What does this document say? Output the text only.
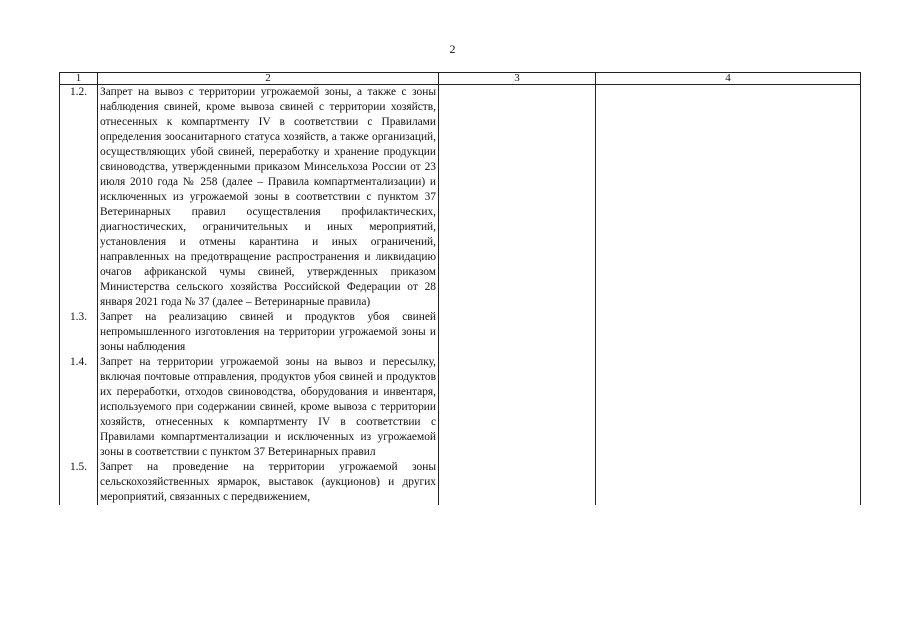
2
1	2	3	4
1.2.	Запрет на вывоз с территории угрожаемой зоны, а также с зоны наблюдения свиней, кроме вывоза свиней с территории хозяйств, отнесенных к компартменту IV в соответствии с Правилами определения зоосанитарного статуса хозяйств, а также организаций, осуществляющих убой свиней, переработку и хранение продукции свиноводства, утвержденными приказом Минсельхоза России от 23 июля 2010 года № 258 (далее – Правила компартментализации) и исключенных из угрожаемой зоны в соответствии с пунктом 37 Ветеринарных правил осуществления профилактических, диагностических, ограничительных и иных мероприятий, установления и отмены карантина и иных ограничений, направленных на предотвращение распространения и ликвидацию очагов африканской чумы свиней, утвержденных приказом Министерства сельского хозяйства Российской Федерации от 28 января 2021 года № 37 (далее – Ветеринарные правила)		
1.3.	Запрет на реализацию свиней и продуктов убоя свиней непромышленного изготовления на территории угрожаемой зоны и зоны наблюдения		
1.4.	Запрет на территории угрожаемой зоны на вывоз и пересылку, включая почтовые отправления, продуктов убоя свиней и продуктов их переработки, отходов свиноводства, оборудования и инвентаря, используемого при содержании свиней, кроме вывоза с территории хозяйств, отнесенных к компартменту IV в соответствии с Правилами компартментализации и исключенных из угрожаемой зоны в соответствии с пунктом 37 Ветеринарных правил		
1.5.	Запрет на проведение на территории угрожаемой зоны сельскохозяйственных ярмарок, выставок (аукционов) и других мероприятий, связанных с передвижением,		
